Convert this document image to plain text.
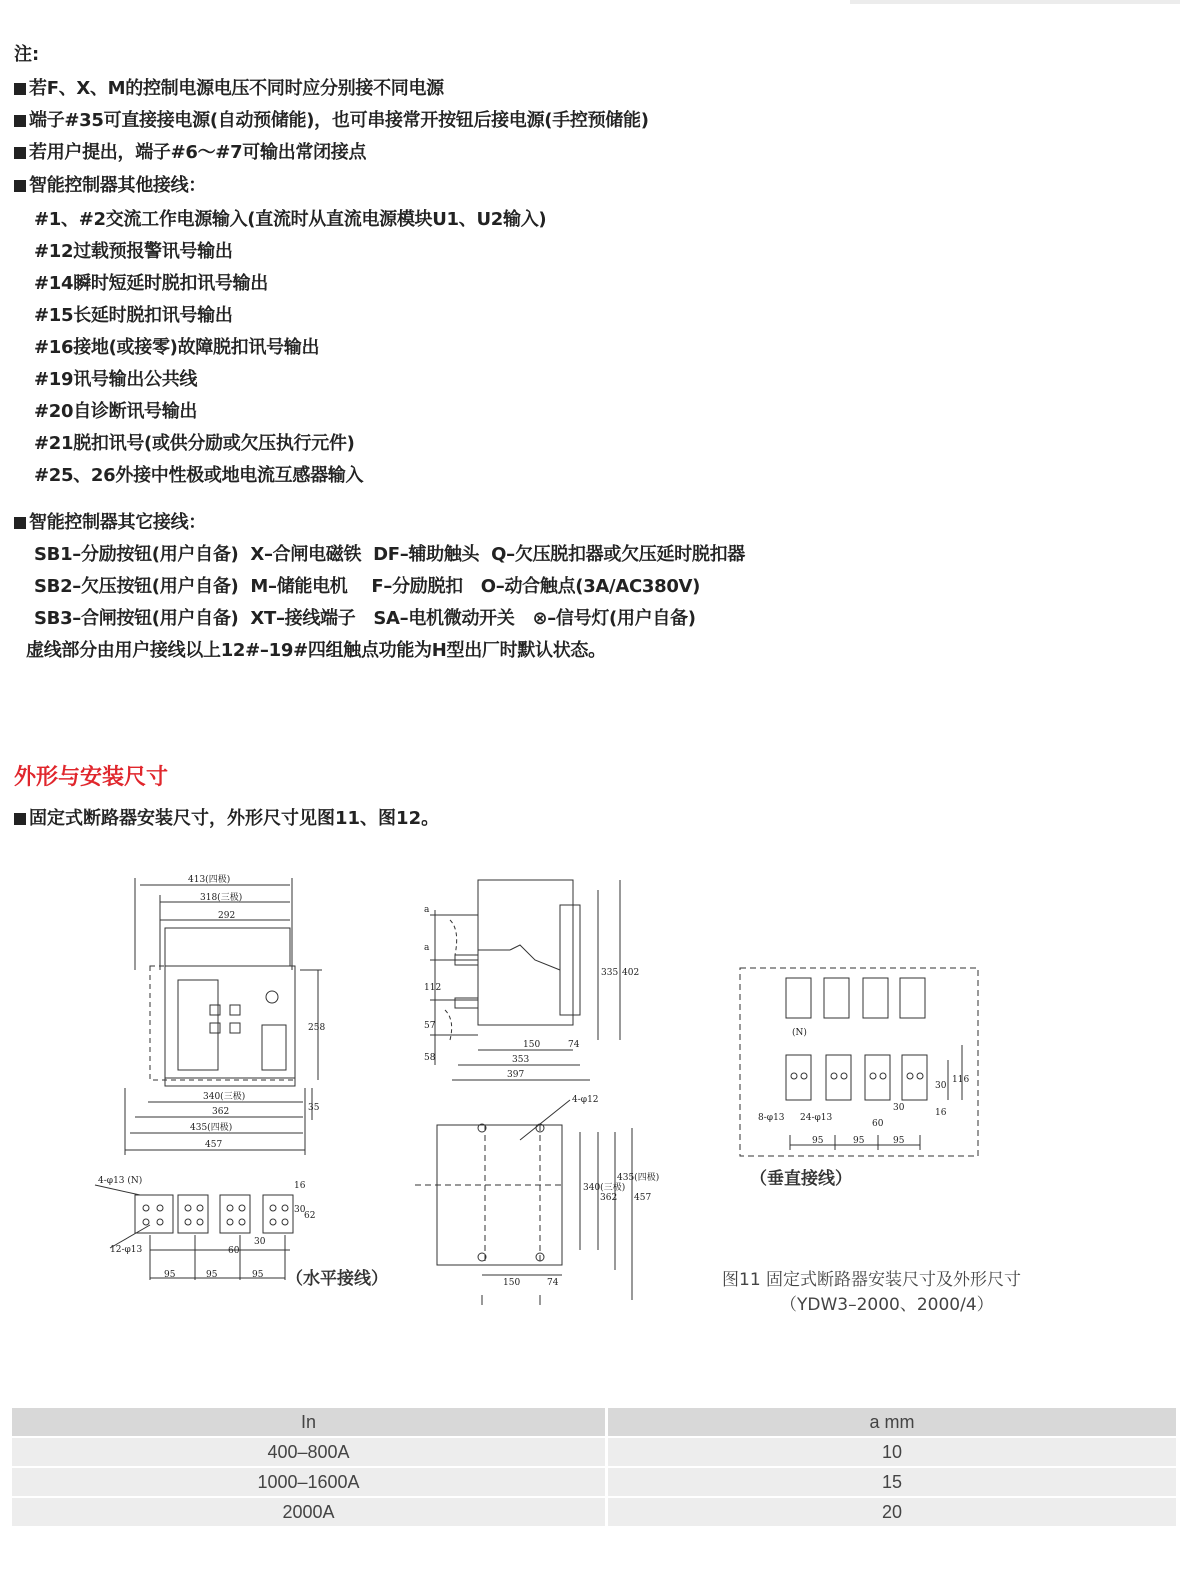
注:
若F、X、M的控制电源电压不同时应分别接不同电源
端子#35可直接接电源(自动预储能)，也可串接常开按钮后接电源(手控预储能)
若用户提出，端子#6～#7可输出常闭接点
智能控制器其他接线：
#1、#2交流工作电源输入(直流时从直流电源模块U1、U2输入)
#12过载预报警讯号输出
#14瞬时短延时脱扣讯号输出
#15长延时脱扣讯号输出
#16接地(或接零)故障脱扣讯号输出
#19讯号输出公共线
#20自诊断讯号输出
#21脱扣讯号(或供分励或欠压执行元件)
#25、26外接中性极或地电流互感器输入
智能控制器其它接线：
SB1–分励按钮(用户自备)  X–合闸电磁铁  DF–辅助触头  Q–欠压脱扣器或欠压延时脱扣器
SB2–欠压按钮(用户自备)  M–储能电机    F–分励脱扣   O–动合触点(3A/AC380V)
SB3–合闸按钮(用户自备)  XT–接线端子   SA–电机微动开关   ⊗–信号灯(用户自备)
虚线部分由用户接线以上12#–19#四组触点功能为H型出厂时默认状态。
外形与安装尺寸
固定式断路器安装尺寸，外形尺寸见图11、图12。
413(四极)
318(三极)
292
258
340(三极)
362
435(四极)
457
35
a
a
112
57
58
335 402
150	74
353
397
4-φ12
340(三极)
362
435(四极)
457
150	74
4-φ13 (N)
12-φ13
16
30
62
60
30
95	95	95
(N)
8-φ13 24-φ13
30
116
30
60
16
95	95	95
（水平接线）
（垂直接线）
图11 固定式断路器安装尺寸及外形尺寸
（YDW3–2000、2000/4）
In	a mm
400–800A	10
1000–1600A	15
2000A	20
